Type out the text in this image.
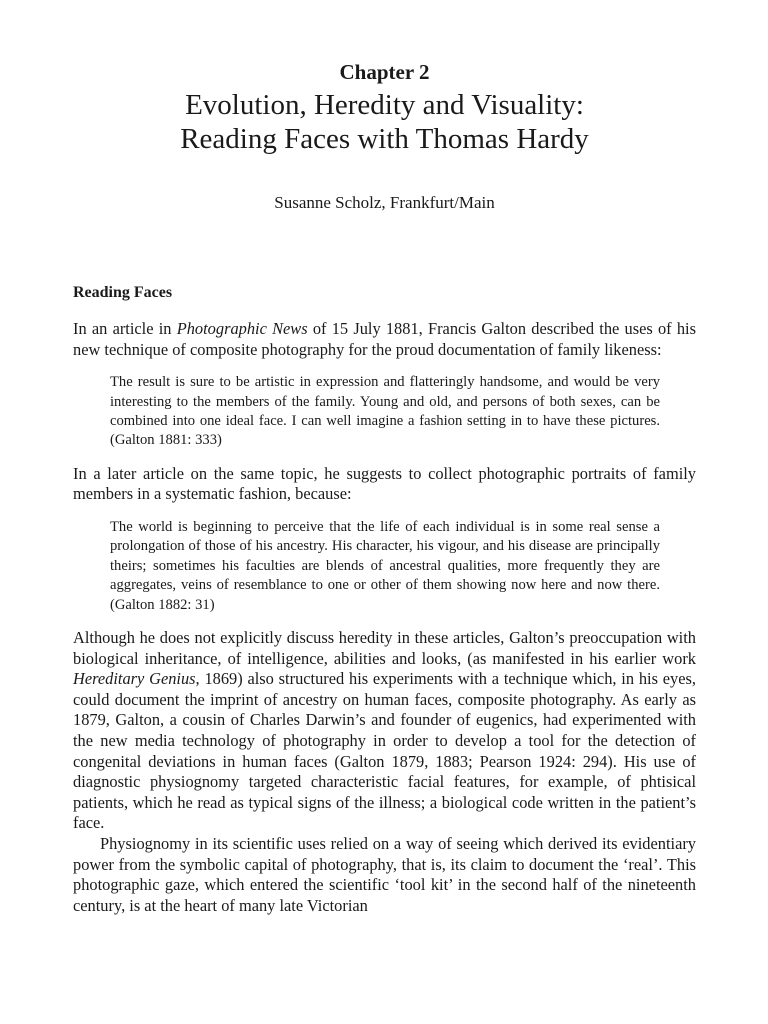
Chapter 2
Evolution, Heredity and Visuality:
Reading Faces with Thomas Hardy

Susanne Scholz, Frankfurt/Main

Reading Faces

In an article in Photographic News of 15 July 1881, Francis Galton described the uses of his new technique of composite photography for the proud documentation of family likeness:

The result is sure to be artistic in expression and flatteringly handsome, and would be very interesting to the members of the family. Young and old, and persons of both sexes, can be combined into one ideal face. I can well imagine a fashion setting in to have these pictures. (Galton 1881: 333)

In a later article on the same topic, he suggests to collect photographic portraits of family members in a systematic fashion, because:

The world is beginning to perceive that the life of each individual is in some real sense a prolongation of those of his ancestry. His character, his vigour, and his disease are principally theirs; sometimes his faculties are blends of ancestral qualities, more frequently they are aggregates, veins of resemblance to one or other of them showing now here and now there. (Galton 1882: 31)

Although he does not explicitly discuss heredity in these articles, Galton’s preoccupation with biological inheritance, of intelligence, abilities and looks, (as manifested in his earlier work Hereditary Genius, 1869) also structured his experiments with a technique which, in his eyes, could document the imprint of ancestry on human faces, composite photography. As early as 1879, Galton, a cousin of Charles Darwin’s and founder of eugenics, had experimented with the new media technology of photography in order to develop a tool for the detection of congenital deviations in human faces (Galton 1879, 1883; Pearson 1924: 294). His use of diagnostic physiognomy targeted characteristic facial features, for example, of phtisical patients, which he read as typical signs of the illness; a biological code written in the patient’s face.

Physiognomy in its scientific uses relied on a way of seeing which derived its evidentiary power from the symbolic capital of photography, that is, its claim to document the ‘real’. This photographic gaze, which entered the scientific ‘tool kit’ in the second half of the nineteenth century, is at the heart of many late Victorian
